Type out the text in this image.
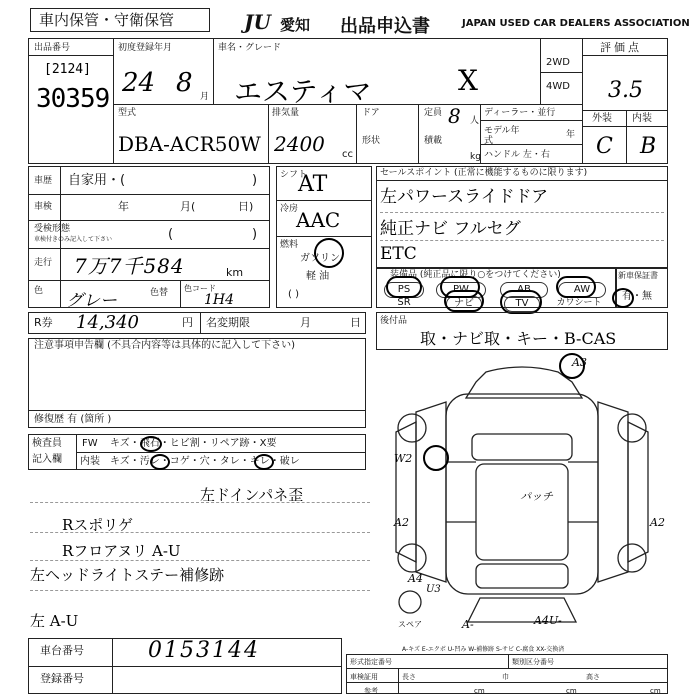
車内保管・守衛保管	JU 愛知 出品申込書	JAPAN USED CAR DEALERS ASSOCIATION
出品番号
[2124]
30359
初度登録年月
24 8 月
車名・グレード
エスティマ	X
2WD
4WD
評価点
3.5
外装 内装
C B
型式
DBA-ACR50W
排気量
2400 cc
ドア
形状
定員 8 人
積載
kg
ディーラー・並行
モデル年式
年
ハンドル 左・右
車歴 自家用・(	)
車検	年	月(	日)
受検形態
車検付きのみ記入して下さい	(	)
走行 7万7千584	km
色 グレー	色替 色コード
1H4
シフト
AT
冷房
AAC
燃料
ガソリン
軽 油
( )
セールスポイント (正常に機能するものに限ります)
左パワースライドドア
純正ナビ フルセグ
ETC
装備品 (純正品に限り○をつけてください)
PS	PW	AB	AW
SR	ナビ	TV	カワシート
新車保証書
有・無
R券 14,340	円 名変期限	月	日 後付品
取・ナビ取・キー・B-CAS
注意事項申告欄 (不具合内容等は具体的に記入して下さい)
修復歴 有 (箇所 )
検査員
記入欄
FW キズ・飛石・ヒビ割・リペア跡・X要
内装 キズ・汚レ・コゲ・穴・タレ・キレ・破レ
左ドインパネ歪
Rスポリゲ
Rフロアヌリ A-U
左ヘッドライトステー補修跡
左 A-U
A3
W2
A2	A2
パッチ
A4
U3
A-	A4U-
スペア
A-キズ E-エクボ U-凹み W-補修跡 S-サビ C-腐食 XX-交換済
車台番号	0153144
登録番号
形式指定番号	類別区分番号
車検証用	長さ	巾	高さ
参考	cm	cm	cm
